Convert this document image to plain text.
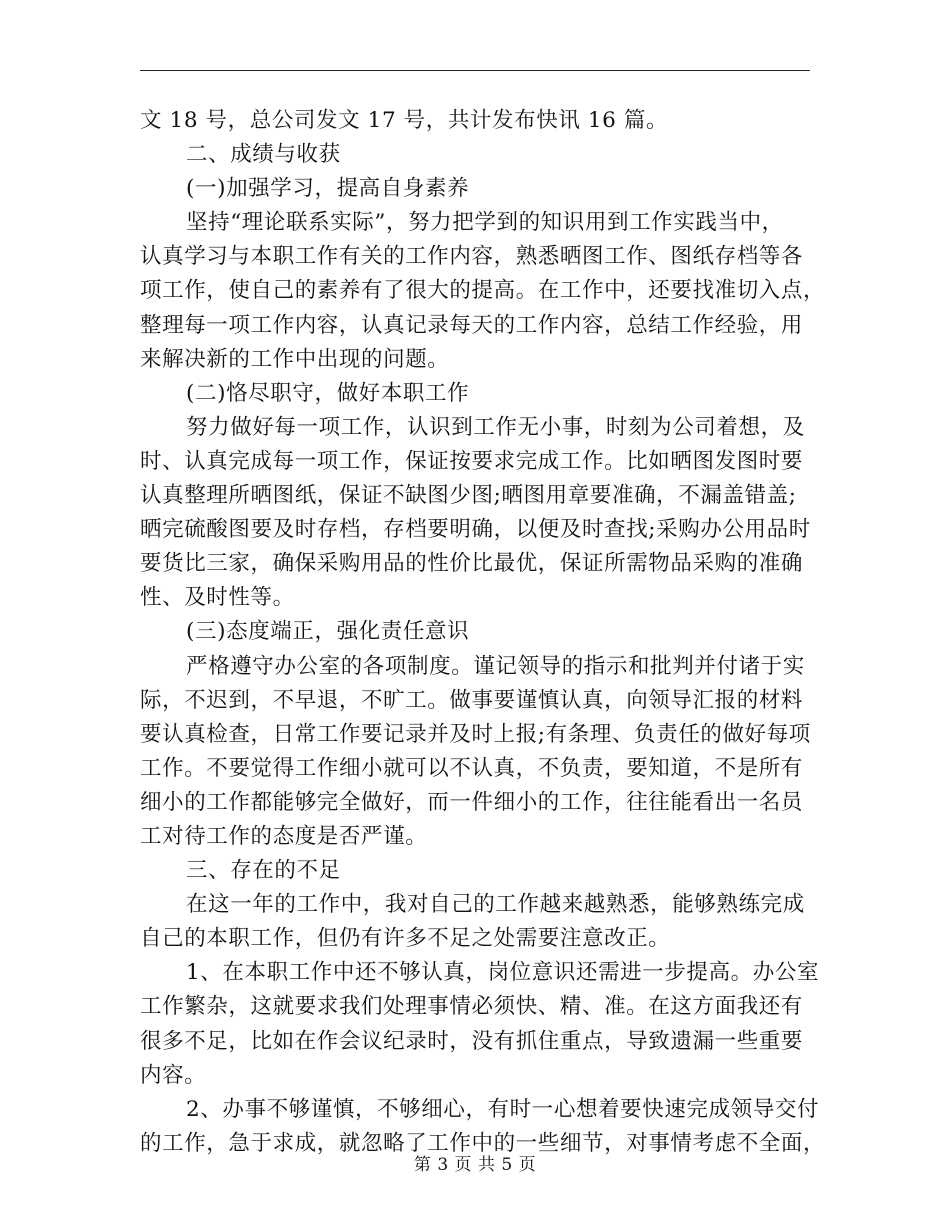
文 18 号，总公司发文 17 号，共计发布快讯 16 篇。
二、成绩与收获
(一)加强学习，提高自身素养
坚持“理论联系实际”，努力把学到的知识用到工作实践当中，
认真学习与本职工作有关的工作内容，熟悉晒图工作、图纸存档等各
项工作，使自己的素养有了很大的提高。在工作中，还要找准切入点，
整理每一项工作内容，认真记录每天的工作内容，总结工作经验，用
来解决新的工作中出现的问题。
(二)恪尽职守，做好本职工作
努力做好每一项工作，认识到工作无小事，时刻为公司着想，及
时、认真完成每一项工作，保证按要求完成工作。比如晒图发图时要
认真整理所晒图纸，保证不缺图少图;晒图用章要准确，不漏盖错盖;
晒完硫酸图要及时存档，存档要明确，以便及时查找;采购办公用品时
要货比三家，确保采购用品的性价比最优，保证所需物品采购的准确
性、及时性等。
(三)态度端正，强化责任意识
严格遵守办公室的各项制度。谨记领导的指示和批判并付诸于实
际，不迟到，不早退，不旷工。做事要谨慎认真，向领导汇报的材料
要认真检查，日常工作要记录并及时上报;有条理、负责任的做好每项
工作。不要觉得工作细小就可以不认真，不负责，要知道，不是所有
细小的工作都能够完全做好，而一件细小的工作，往往能看出一名员
工对待工作的态度是否严谨。
三、存在的不足
在这一年的工作中，我对自己的工作越来越熟悉，能够熟练完成
自己的本职工作，但仍有许多不足之处需要注意改正。
1、在本职工作中还不够认真，岗位意识还需进一步提高。办公室
工作繁杂，这就要求我们处理事情必须快、精、准。在这方面我还有
很多不足，比如在作会议纪录时，没有抓住重点，导致遗漏一些重要
内容。
2、办事不够谨慎，不够细心，有时一心想着要快速完成领导交付
的工作，急于求成，就忽略了工作中的一些细节，对事情考虑不全面，
第 3 页 共 5 页
